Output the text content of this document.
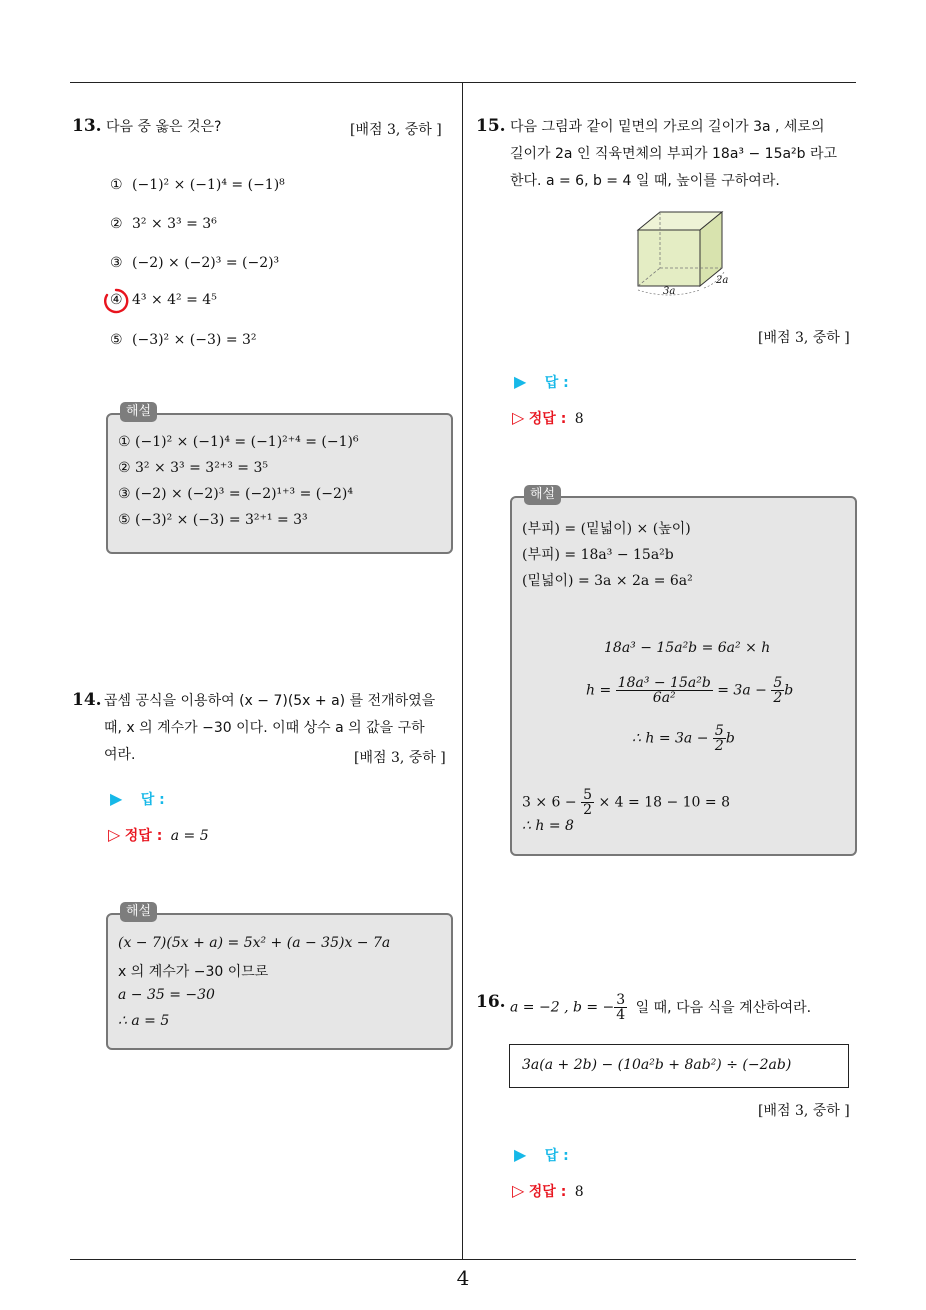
4
13. 다음 중 옳은 것은?	[배점 3, 중하 ]
① (−1)² × (−1)⁴ = (−1)⁸
② 3² × 3³ = 3⁶
③ (−2) × (−2)³ = (−2)³
④ 4³ × 4² = 4⁵
⑤ (−3)² × (−3) = 3²
해설
① (−1)² × (−1)⁴ = (−1)²⁺⁴ = (−1)⁶
② 3² × 3³ = 3²⁺³ = 3⁵
③ (−2) × (−2)³ = (−2)¹⁺³ = (−2)⁴
⑤ (−3)² × (−3) = 3²⁺¹ = 3³
14. 곱셈 공식을 이용하여 (x − 7)(5x + a) 를 전개하였을
때, x 의 계수가 −30 이다. 이때 상수 a 의 값을 구하
여라.	[배점 3, 중하 ]
▶ 답 :
▷ 정답 : a = 5
해설
(x − 7)(5x + a) = 5x² + (a − 35)x − 7a
x 의 계수가 −30 이므로
a − 35 = −30
∴ a = 5
15. 다음 그림과 같이 밑면의 가로의 길이가 3a , 세로의
길이가 2a 인 직육면체의 부피가 18a³ − 15a²b 라고
한다. a = 6, b = 4 일 때, 높이를 구하여라.
3a
2a
[배점 3, 중하 ]
▶ 답 :
▷ 정답 : 8
해설
(부피) = (밑넓이) × (높이)
(부피) = 18a³ − 15a²b
(밑넓이) = 3a × 2a = 6a²
18a³ − 15a²b = 6a² × h
$h = \frac{\text{18a³ − 15a²b}}{\text{6a²}} = 3a - \frac{5}{2}$ b
∴ $h = 3a - \frac{5}{2}$ b
$3 \times 6 - \frac{5}{2} \times 4 = 18 - 10 = 8$
∴ h = 8
16. a = −2 , b = − $\frac{3}{4}$ 일 때, 다음 식을 계산하여라.
3a(a + 2b) − (10a²b + 8ab²) ÷ (−2ab)
[배점 3, 중하 ]
▶ 답 :
▷ 정답 : 8
